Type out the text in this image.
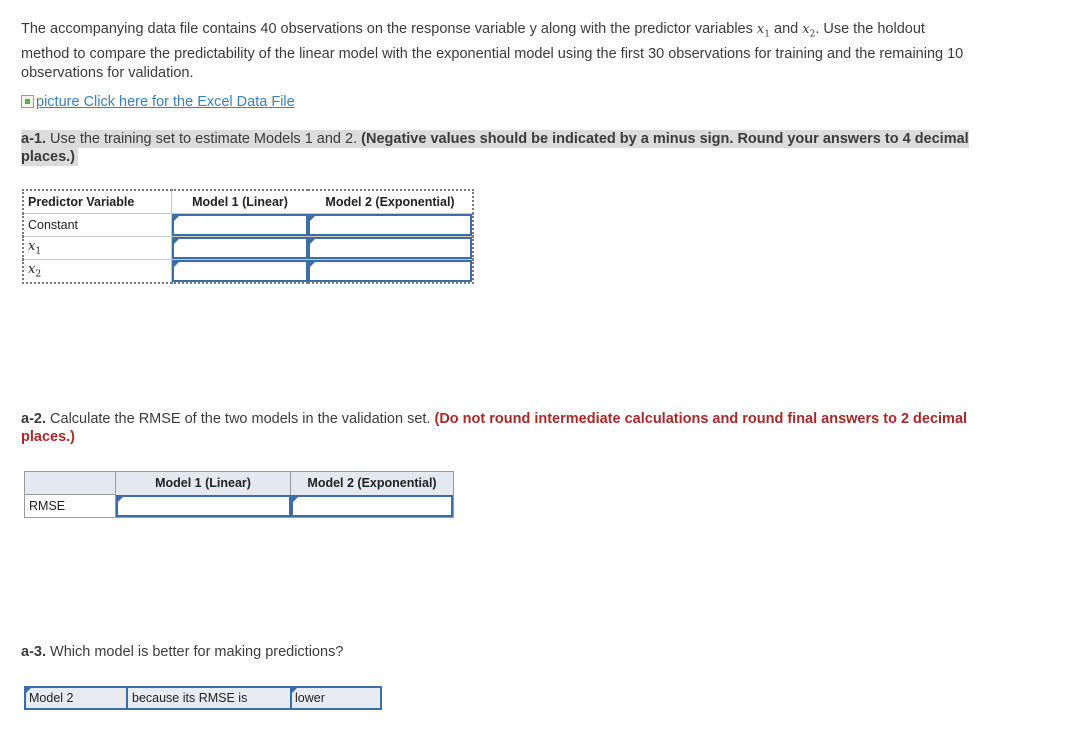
The accompanying data file contains 40 observations on the response variable y along with the predictor variables $x_1$ and $x_2$. Use the holdout method to compare the predictability of the linear model with the exponential model using the first 30 observations for training and the remaining 10 observations for validation.
picture Click here for the Excel Data File
a-1. Use the training set to estimate Models 1 and 2. (Negative values should be indicated by a minus sign. Round your answers to 4 decimal places.)
Predictor Variable	Model 1 (Linear)	Model 2 (Exponential)
Constant	

$x_1$	

$x_2$	

a-2. Calculate the RMSE of the two models in the validation set. (Do not round intermediate calculations and round final answers to 2 decimal places.)
	Model 1 (Linear)	Model 2 (Exponential)
RMSE	

a-3. Which model is better for making predictions?
Model 2	because its RMSE is	lower
